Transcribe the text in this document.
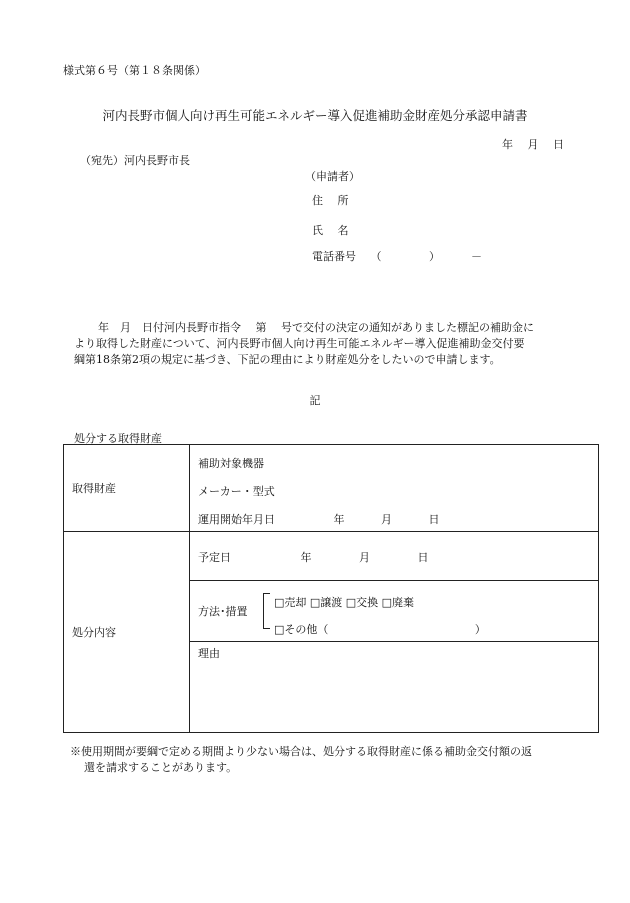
様式第６号（第１８条関係）
河内長野市個人向け再生可能エネルギー導入促進補助金財産処分承認申請書
年　 月　 日
（宛先）河内長野市長
（申請者）
住　 所
氏　 名
電話番号　 （　　　　 ）　　　 －
年　月　日付河内長野市指令　 第　 号で交付の決定の通知がありました標記の補助金に
より取得した財産について、河内長野市個人向け再生可能エネルギー導入促進補助金交付要
綱第18条第2項の規定に基づき、下記の理由により財産処分をしたいので申請します。
記
処分する取得財産
取得財産	補助対象機器
メーカー・型式
運用開始年月日　　　　　 年　　　 月　　　 日

処分内容	予定日　　　　　　 年　　　　 月　　　　 日

	方法･措置
□売却 □譲渡 □交換 □廃棄
□その他（　　　　　　　　　　　　　 ）

	理由
※使用期間が要綱で定める期間より少ない場合は、処分する取得財産に係る補助金交付額の返
還を請求することがあります。
